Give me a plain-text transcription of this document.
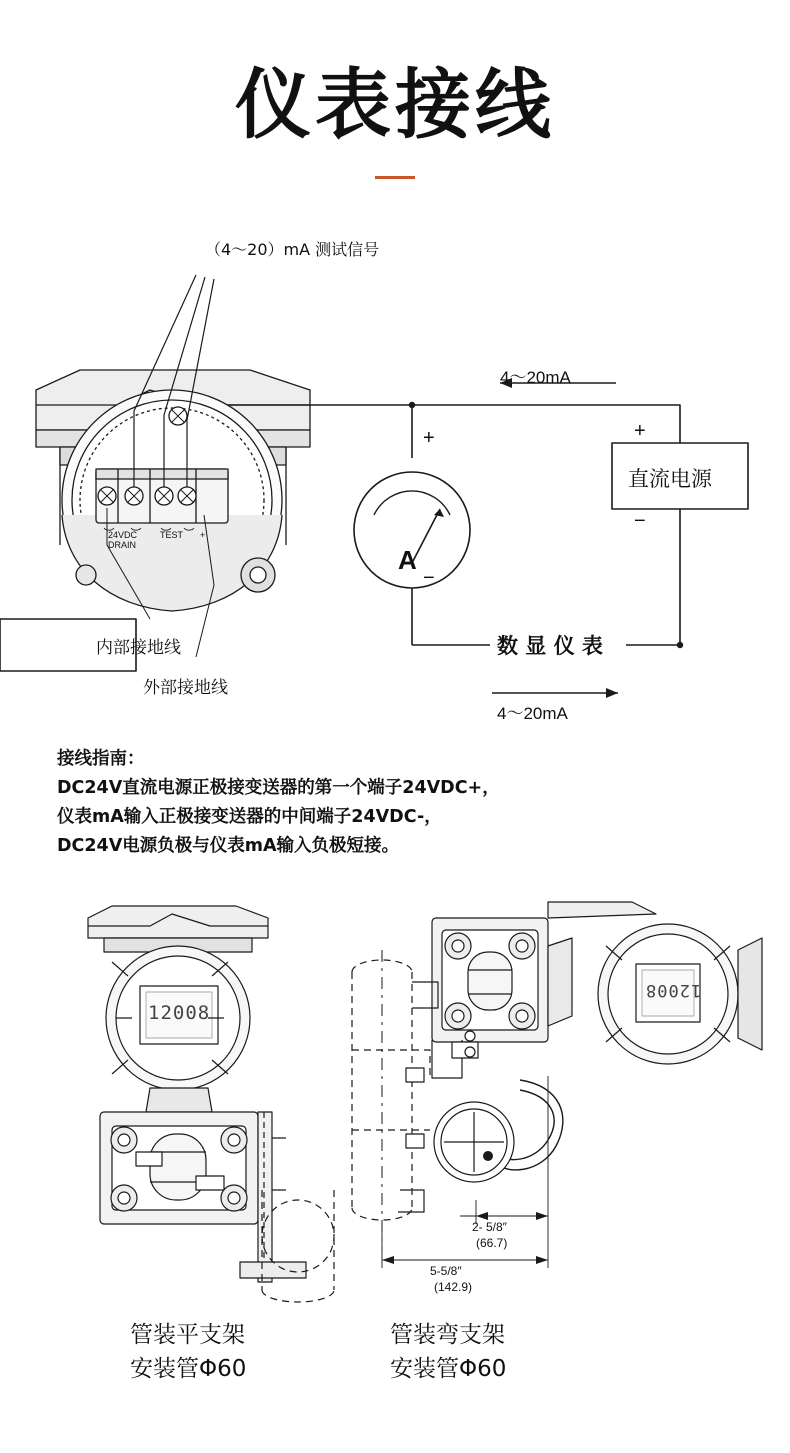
仪表接线
（4～20）mA 测试信号
内部接地线
外部接地线
4～20mA
4～20mA
直流电源
数 显 仪 表
A
+
−
+
−
24VDC
DRAIN
TEST +
接线指南：
DC24V直流电源正极接变送器的第一个端子24VDC+，
仪表mA输入正极接变送器的中间端子24VDC-，
DC24V电源负极与仪表mA输入负极短接。
12008
12008
2- 5/8″
(66.7)
5-5/8″
(142.9)
管装平支架
安装管Φ60
管装弯支架
安装管Φ60
